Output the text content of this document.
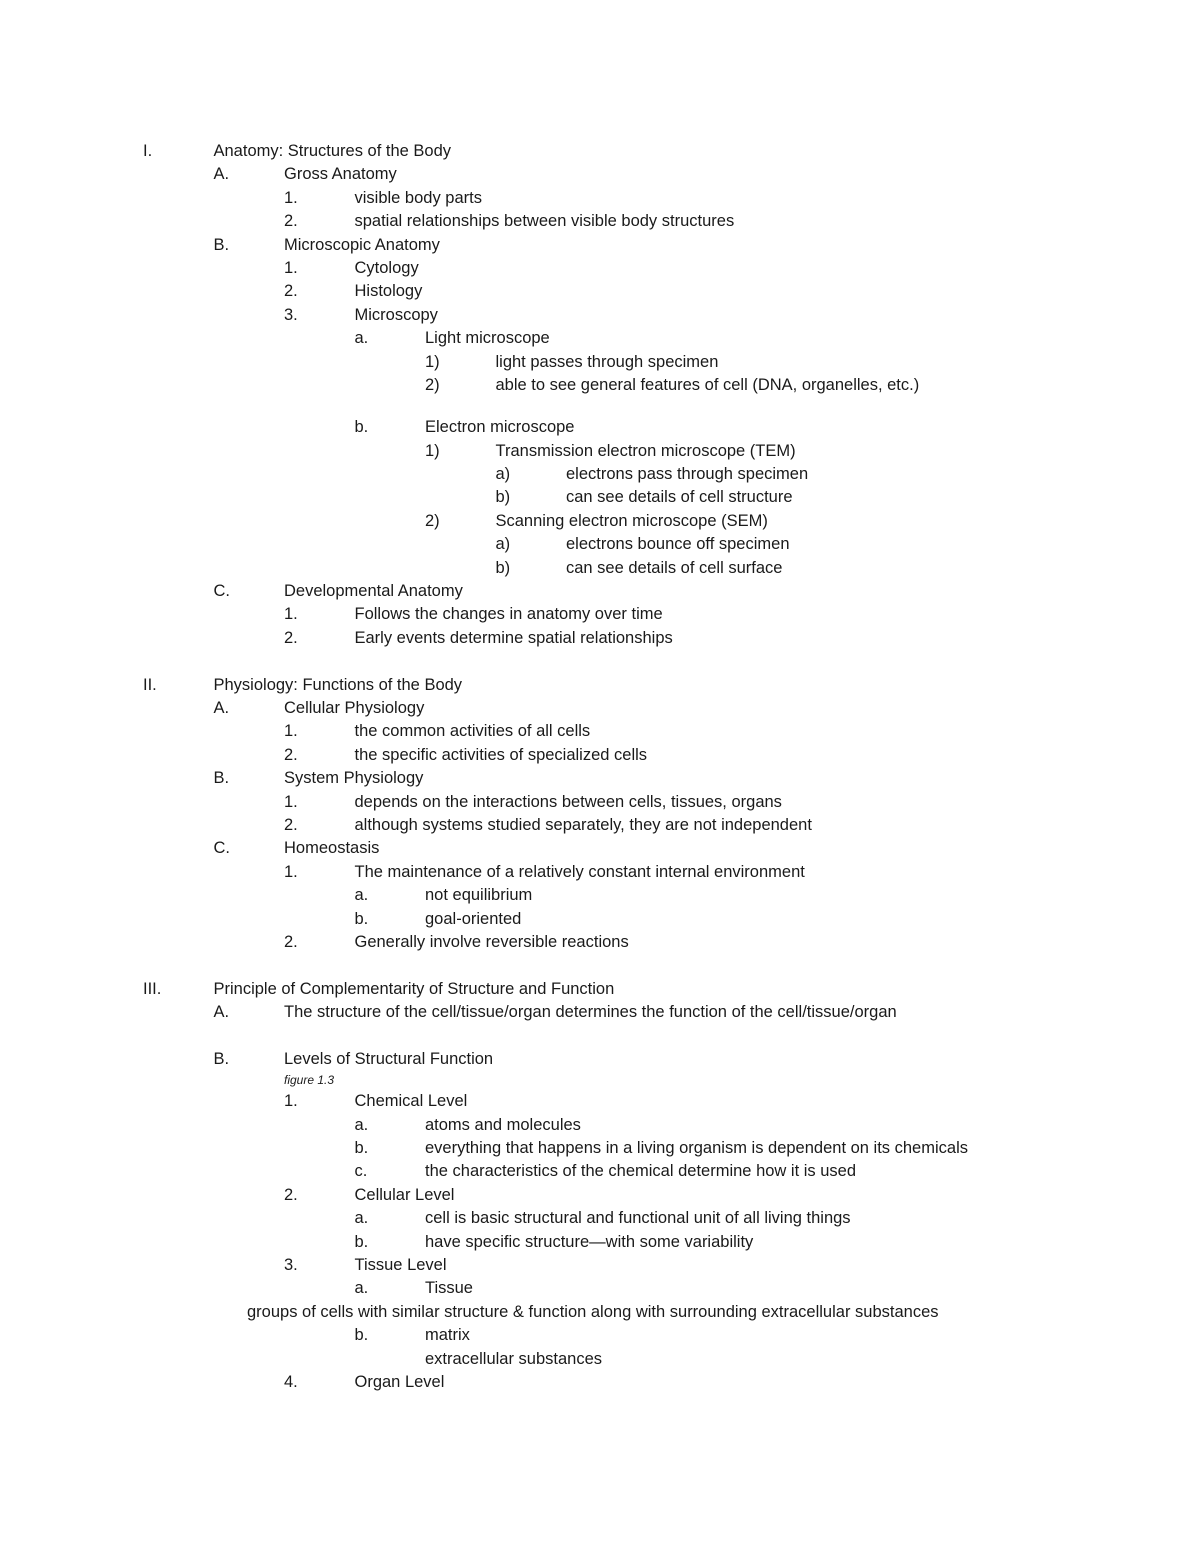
I.	Anatomy: Structures of the Body
A.	Gross Anatomy
1.	visible body parts
2.	spatial relationships between visible body structures
B.	Microscopic Anatomy
1.	Cytology
2.	Histology
3.	Microscopy
a.	Light microscope
1)	light passes through specimen
2)	able to see general features of cell (DNA, organelles, etc.)
b.	Electron microscope
1)	Transmission electron microscope (TEM)
a)	electrons pass through specimen
b)	can see details of cell structure
2)	Scanning electron microscope (SEM)
a)	electrons bounce off specimen
b)	can see details of cell surface
C.	Developmental Anatomy
1.	Follows the changes in anatomy over time
2.	Early events determine spatial relationships
II.	Physiology: Functions of the Body
A.	Cellular Physiology
1.	the common activities of all cells
2.	the specific activities of specialized cells
B.	System Physiology
1.	depends on the interactions between cells, tissues, organs
2.	although systems studied separately, they are not independent
C.	Homeostasis
1.	The maintenance of a relatively constant internal environment
a.	not equilibrium
b.	goal-oriented
2.	Generally involve reversible reactions
III.	Principle of Complementarity of Structure and Function
A.	The structure of the cell/tissue/organ determines the function of the cell/tissue/organ
B.	Levels of Structural Function
figure 1.3
1.	Chemical Level
a.	atoms and molecules
b.	everything that happens in a living organism is dependent on its chemicals
c.	the characteristics of the chemical determine how it is used
2.	Cellular Level
a.	cell is basic structural and functional unit of all living things
b.	have specific structure—with some variability
3.	Tissue Level
a.	Tissue
groups of cells with similar structure & function along with surrounding extracellular substances
b.	matrix
extracellular substances
4.	Organ Level
